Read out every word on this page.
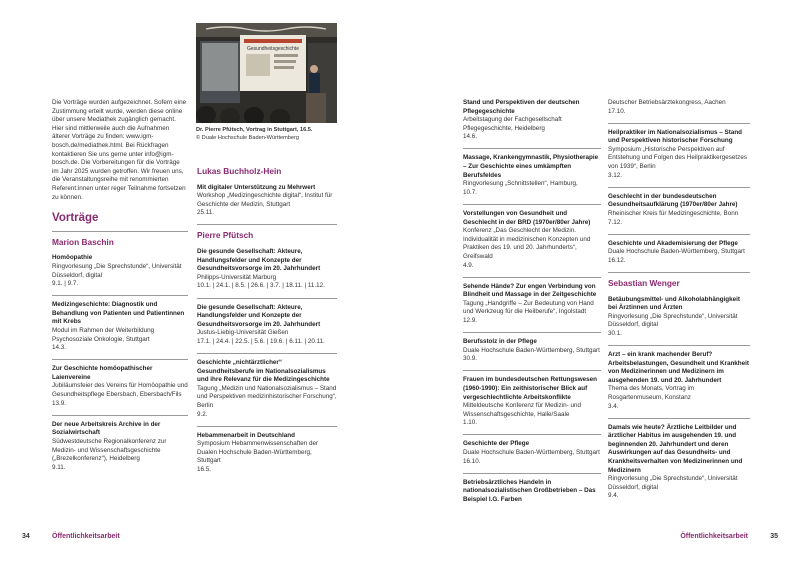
Die Vorträge wurden aufgezeichnet. Sofern eine Zustimmung erteilt wurde, werden diese online über unsere Mediathek zugänglich gemacht. Hier sind mittlerweile auch die Aufnahmen älterer Vorträge zu finden: www.igm-bosch.de/mediathek.html. Bei Rückfragen kontaktieren Sie uns gerne unter info@igm-bosch.de. Die Vorbereitungen für die Vorträge im Jahr 2025 wurden getroffen. Wir freuen uns, die Veranstaltungsreihe mit renommierten Referent:innen unter reger Teilnahme fortsetzen zu können.
Vorträge
Marion Baschin
Homöopathie
Ringvorlesung „Die Sprechstunde“, Universität Düsseldorf, digital
9.1. | 9.7.
Medizingeschichte: Diagnostik und Behandlung von Patienten und Patientinnen mit Krebs
Modul im Rahmen der Weiterbildung Psychosoziale Onkologie, Stuttgart
14.3.
Zur Geschichte homöopathischer Laienvereine
Jubiläumsfeier des Vereins für Homöopathie und Gesundheitspflege Ebersbach, Ebersbach/Fils
13.9.
Der neue Arbeitskreis Archive in der Sozialwirtschaft
Südwestdeutsche Regionalkonferenz zur Medizin- und Wissenschaftsgeschichte („Brezelkonferenz“), Heidelberg
9.11.
Gesundheitsgeschichte
Dr. Pierre Pfütsch, Vortrag in Stuttgart, 16.5.
© Duale Hochschule Baden-Württemberg
Lukas Buchholz-Hein
Mit digitaler Unterstützung zu Mehrwert
Workshop „Medizingeschichte digital“, Institut für Geschichte der Medizin, Stuttgart
25.11.
Pierre Pfütsch
Die gesunde Gesellschaft: Akteure, Handlungsfelder und Konzepte der Gesundheitsvorsorge im 20. Jahrhundert
Philipps-Universität Marburg
10.1. | 24.1. | 8.5. | 26.6. | 3.7. | 18.11. | 11.12.
Die gesunde Gesellschaft: Akteure, Handlungsfelder und Konzepte der Gesundheitsvorsorge im 20. Jahrhundert
Justus-Liebig-Universität Gießen
17.1. | 24.4. | 22.5. | 5.6. | 19.6. | 6.11. | 20.11.
Geschichte „nichtärztlicher“ Gesundheitsberufe im Nationalsozialismus und ihre Relevanz für die Medizingeschichte
Tagung „Medizin und Nationalsozialismus – Stand und Perspektiven medizinhistorischer Forschung“, Berlin
9.2.
Hebammenarbeit in Deutschland
Symposium Hebammenwissenschaften der Dualen Hochschule Baden-Württemberg, Stuttgart
16.5.
34	Öffentlichkeitsarbeit
Stand und Perspektiven der deutschen Pflegegeschichte
Arbeitstagung der Fachgesellschaft Pflegegeschichte, Heidelberg
14.6.
Massage, Krankengymnastik, Physiotherapie – Zur Geschichte eines umkämpften Berufsfeldes
Ringvorlesung „Schnittstellen“, Hamburg,
10.7.
Vorstellungen von Gesundheit und Geschlecht in der BRD (1970er/80er Jahre)
Konferenz „Das Geschlecht der Medizin. Individualität in medizinischen Konzepten und Praktiken des 19. und 20. Jahrhunderts“, Greifswald
4.9.
Sehende Hände? Zur engen Verbindung von Blindheit und Massage in der Zeitgeschichte
Tagung „Handgriffe – Zur Bedeutung von Hand und Werkzeug für die Heilberufe“, Ingolstadt
12.9.
Berufsstolz in der Pflege
Duale Hochschule Baden-Württemberg, Stuttgart
30.9.
Frauen im bundesdeutschen Rettungswesen (1960-1990): Ein zeithistorischer Blick auf vergeschlechtlichte Arbeitskonflikte
Mitteldeutsche Konferenz für Medizin- und Wissenschaftsgeschichte, Halle/Saale
1.10.
Geschichte der Pflege
Duale Hochschule Baden-Württemberg, Stuttgart
16.10.
Betriebsärztliches Handeln in nationalsozialistischen Großbetrieben – Das Beispiel I.G. Farben
Deutscher Betriebsärztekongress, Aachen
17.10.
Heilpraktiker im Nationalsozialismus – Stand und Perspektiven historischer Forschung
Symposium „Historische Perspektiven auf Entstehung und Folgen des Heilpraktikergesetzes von 1939“, Berlin
3.12.
Geschlecht in der bundesdeutschen Gesundheitsaufklärung (1970er/80er Jahre)
Rheinischer Kreis für Medizingeschichte, Bonn
7.12.
Geschichte und Akademisierung der Pflege
Duale Hochschule Baden-Württemberg, Stuttgart
16.12.
Sebastian Wenger
Betäubungsmittel- und Alkoholabhängigkeit bei Ärztinnen und Ärzten
Ringvorlesung „Die Sprechstunde“, Universität Düsseldorf, digital
30.1.
Arzt – ein krank machender Beruf? Arbeitsbelastungen, Gesundheit und Krankheit von Medizinerinnen und Medizinern im ausgehenden 19. und 20. Jahrhundert
Thema des Monats, Vortrag im Rosgartenmuseum, Konstanz
3.4.
Damals wie heute? Ärztliche Leitbilder und ärztlicher Habitus im ausgehenden 19. und beginnenden 20. Jahrhundert und deren Auswirkungen auf das Gesundheits- und Krankheitsverhalten von Medizinerinnen und Medizinern
Ringvorlesung „Die Sprechstunde“, Universität Düsseldorf, digital
9.4.
Öffentlichkeitsarbeit	35
